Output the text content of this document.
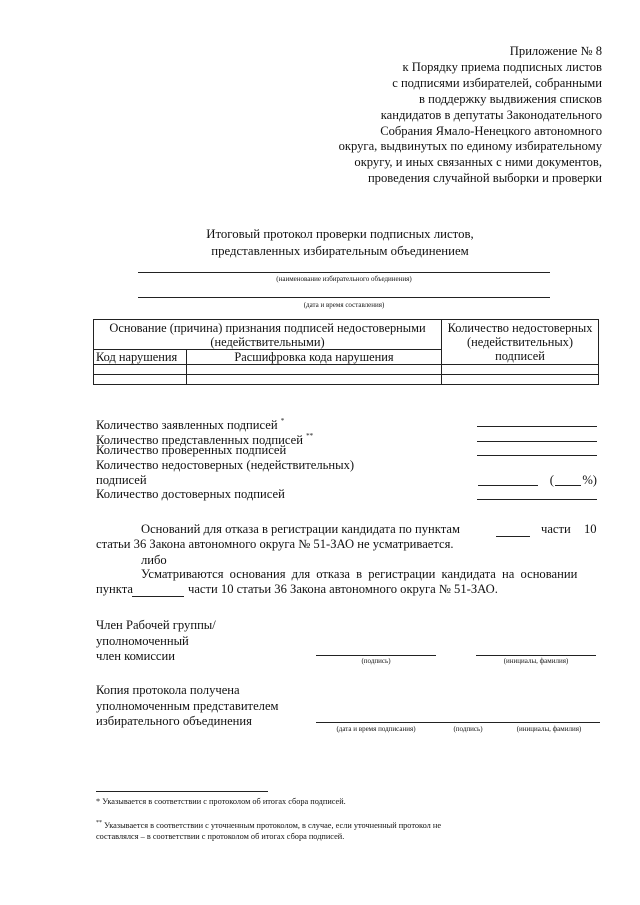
Приложение № 8
к Порядку приема подписных листов
с подписями избирателей, собранными
в поддержку выдвижения списков
кандидатов в депутаты Законодательного
Собрания Ямало-Ненецкого автономного
округа, выдвинутых по единому избирательному
округу, и иных связанных с ними документов,
проведения случайной выборки и проверки
Итоговый протокол проверки подписных листов,
представленных избирательным объединением
(наименование избирательного объединения)
(дата и время составления)
Основание (причина) признания подписей недостоверными (недействительными)		Количество недостоверных (недействительных) подписей
Код нарушения	Расшифровка кода нарушения	

Количество заявленных подписей *
Количество представленных подписей **
Количество проверенных подписей
Количество недостоверных (недействительных)
подписей	( %)
Количество достоверных подписей
Оснований для отказа в регистрации кандидата по пунктам	части 10
статьи 36 Закона автономного округа № 51-ЗАО не усматривается.
либо
Усматриваются основания для отказа в регистрации кандидата на основании
пункта	части 10 статьи 36 Закона автономного округа № 51-ЗАО.
Член Рабочей группы/
уполномоченный
член комиссии	(подпись)	(инициалы, фамилия)
Копия протокола получена
уполномоченным представителем
избирательного объединения
(дата и время подписания)	(подпись)	(инициалы, фамилия)
* Указывается в соответствии с протоколом об итогах сбора подписей.
** Указывается в соответствии с уточненным протоколом, в случае, если уточненный протокол не
составлялся – в соответствии с протоколом об итогах сбора подписей.
